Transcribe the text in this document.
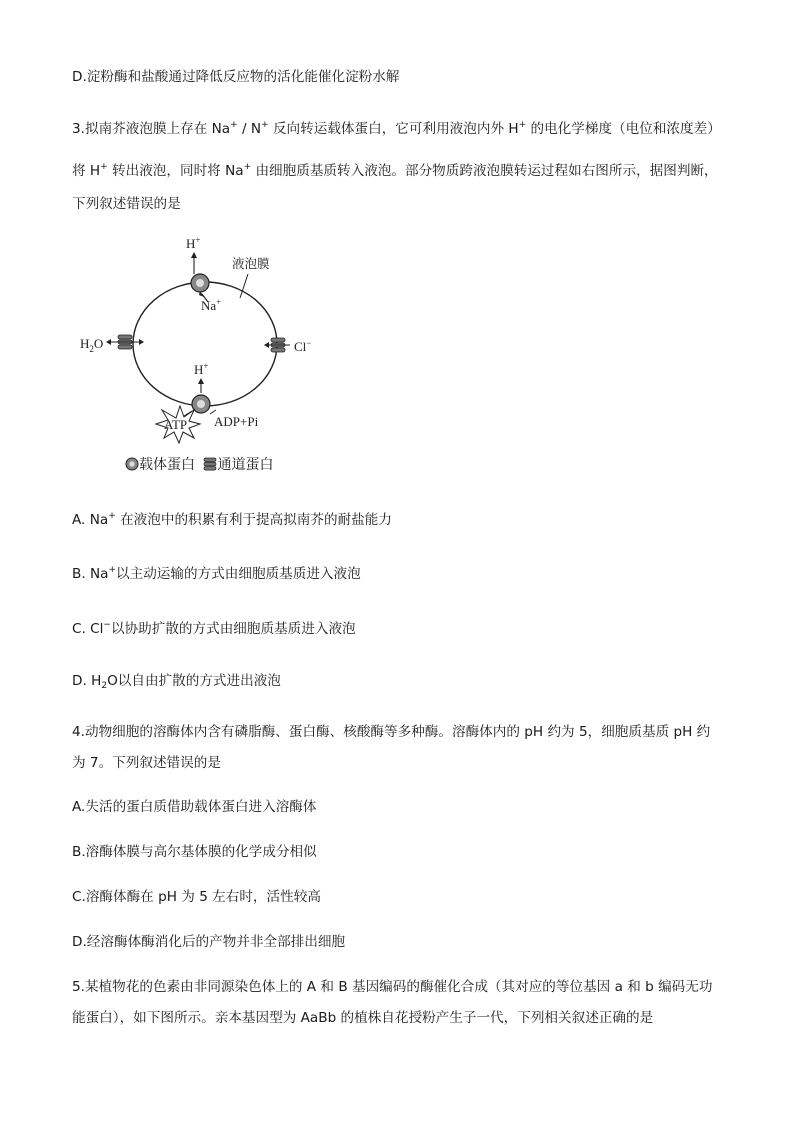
D.淀粉酶和盐酸通过降低反应物的活化能催化淀粉水解
3.拟南芥液泡膜上存在 Na+ / N+ 反向转运载体蛋白，它可利用液泡内外 H+ 的电化学梯度（电位和浓度差）
将 H+ 转出液泡，同时将 Na+ 由细胞质基质转入液泡。部分物质跨液泡膜转运过程如右图所示，据图判断，
下列叙述错误的是
液泡膜
H+
Na+
$H_2O$	Cl−
H+
ATP ADP+Pi
载体蛋白 通道蛋白
A. Na+ 在液泡中的积累有利于提高拟南芥的耐盐能力
B. Na+以主动运输的方式由细胞质基质进入液泡
C. Cl−以协助扩散的方式由细胞质基质进入液泡
D. $H_2O$以自由扩散的方式进出液泡
4.动物细胞的溶酶体内含有磷脂酶、蛋白酶、核酸酶等多种酶。溶酶体内的 pH 约为 5，细胞质基质 pH 约
为 7。下列叙述错误的是
A.失活的蛋白质借助载体蛋白进入溶酶体
B.溶酶体膜与高尔基体膜的化学成分相似
C.溶酶体酶在 pH 为 5 左右时，活性较高
D.经溶酶体酶消化后的产物并非全部排出细胞
5.某植物花的色素由非同源染色体上的 A 和 B 基因编码的酶催化合成（其对应的等位基因 a 和 b 编码无功
能蛋白），如下图所示。亲本基因型为 AaBb 的植株自花授粉产生子一代，下列相关叙述正确的是
